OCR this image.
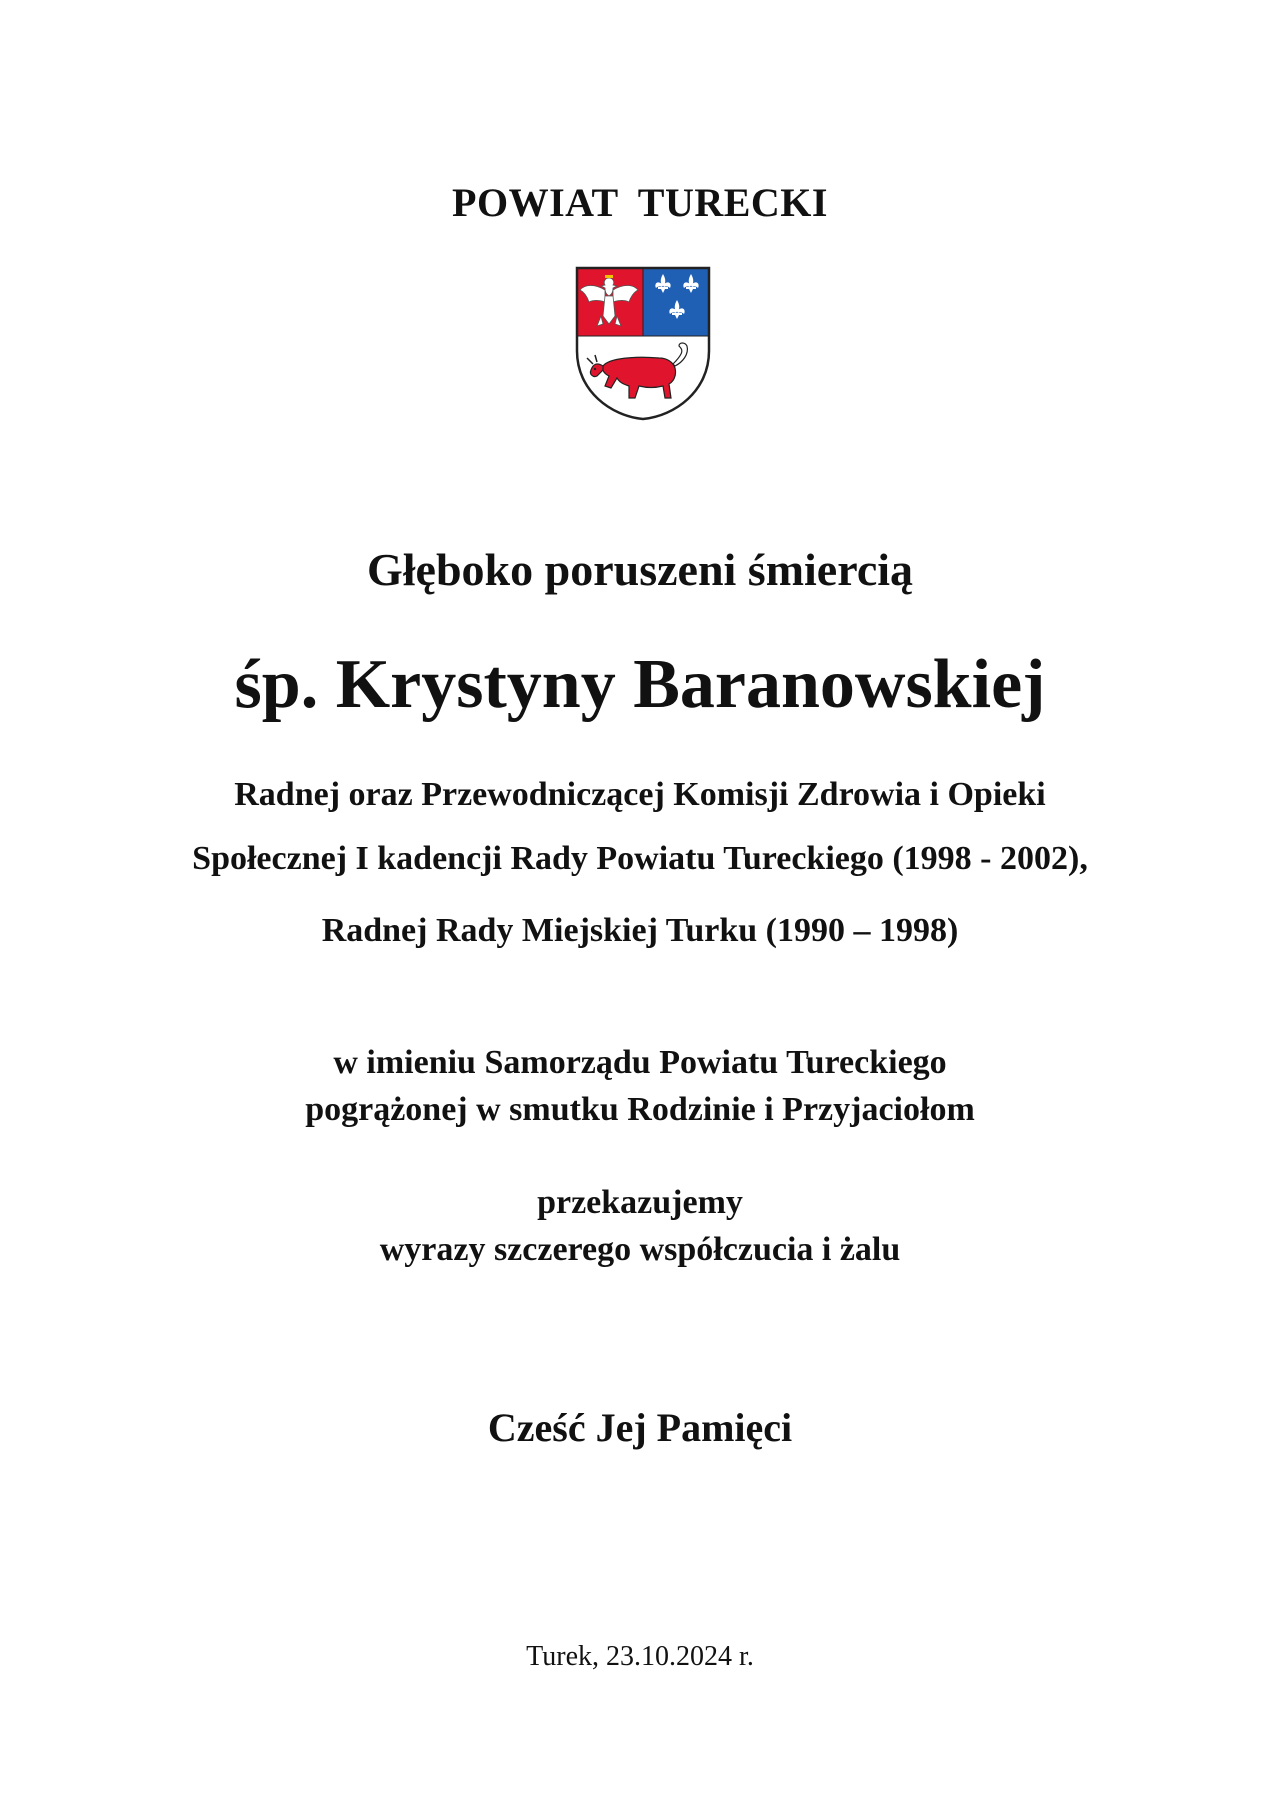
POWIAT TURECKI
Głęboko poruszeni śmiercią
śp. Krystyny Baranowskiej
Radnej oraz Przewodniczącej Komisji Zdrowia i Opieki
Społecznej I kadencji Rady Powiatu Tureckiego (1998 - 2002),
Radnej Rady Miejskiej Turku (1990 – 1998)
w imieniu Samorządu Powiatu Tureckiego
pogrążonej w smutku Rodzinie i Przyjaciołom
przekazujemy
wyrazy szczerego współczucia i żalu
Cześć Jej Pamięci
Turek, 23.10.2024 r.
